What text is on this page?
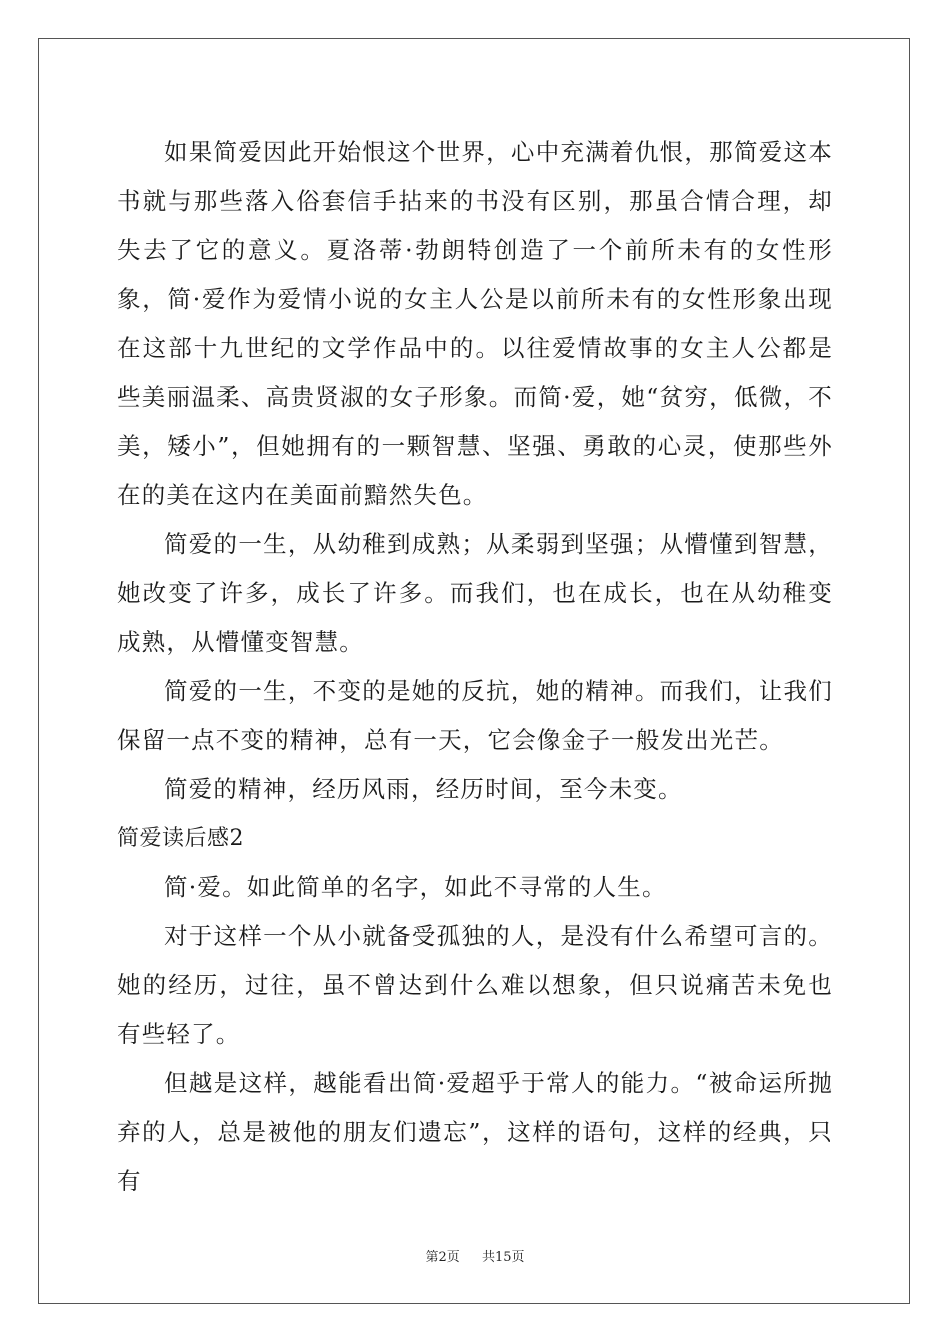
如果简爱因此开始恨这个世界，心中充满着仇恨，那简爱这本书就与那些落入俗套信手拈来的书没有区别，那虽合情合理，却失去了它的意义。夏洛蒂·勃朗特创造了一个前所未有的女性形象，简·爱作为爱情小说的女主人公是以前所未有的女性形象出现在这部十九世纪的文学作品中的。以往爱情故事的女主人公都是些美丽温柔、高贵贤淑的女子形象。而简·爱，她“贫穷，低微，不美，矮小”，但她拥有的一颗智慧、坚强、勇敢的心灵，使那些外在的美在这内在美面前黯然失色。

简爱的一生，从幼稚到成熟；从柔弱到坚强；从懵懂到智慧，她改变了许多，成长了许多。而我们，也在成长，也在从幼稚变成熟，从懵懂变智慧。

简爱的一生，不变的是她的反抗，她的精神。而我们，让我们保留一点不变的精神，总有一天，它会像金子一般发出光芒。

简爱的精神，经历风雨，经历时间，至今未变。

简爱读后感2

简·爱。如此简单的名字，如此不寻常的人生。

对于这样一个从小就备受孤独的人，是没有什么希望可言的。她的经历，过往，虽不曾达到什么难以想象，但只说痛苦未免也有些轻了。

但越是这样，越能看出简·爱超乎于常人的能力。“被命运所抛弃的人，总是被他的朋友们遗忘”，这样的语句，这样的经典，只有

第2页 共15页
